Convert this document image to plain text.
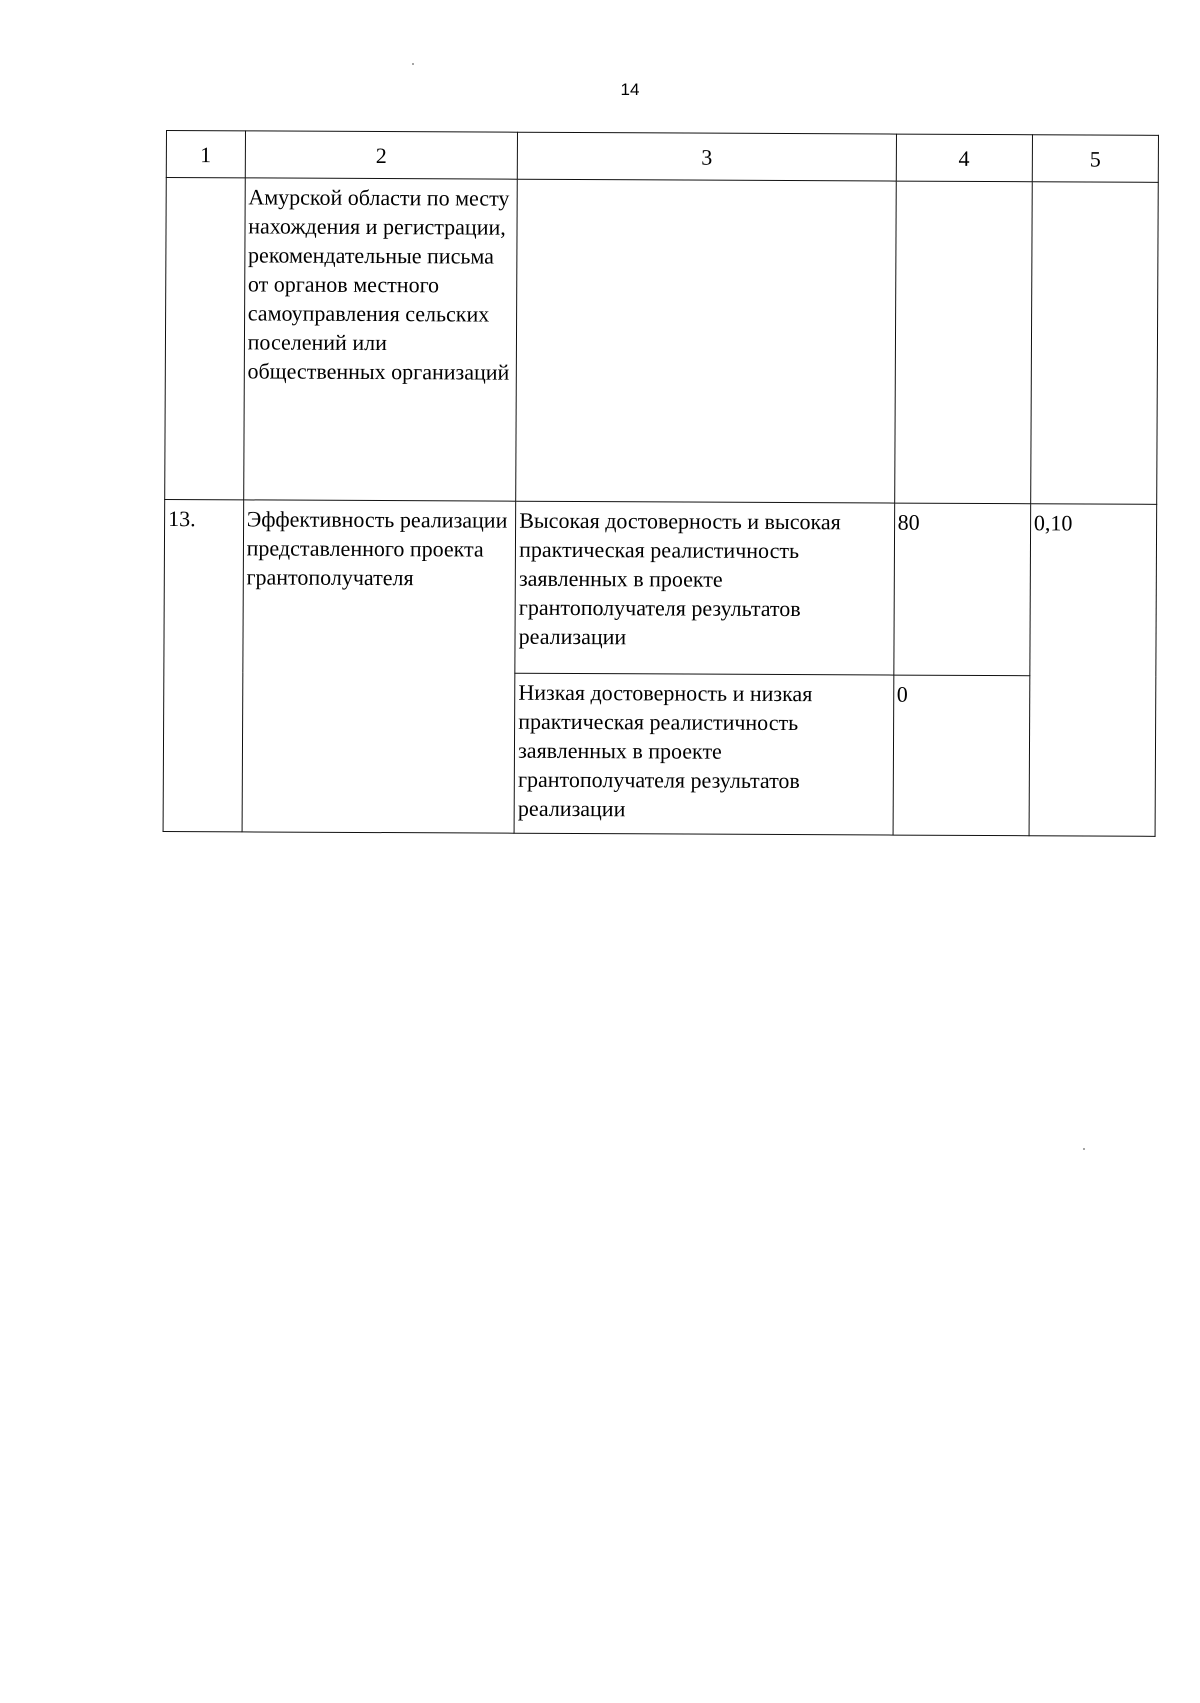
14
1	2	3	4	5

	Амурской области по месту нахождения и регистрации, рекомендательные письма от органов местного самоуправления сельских поселений или общественных организаций			

13.	Эффективность реализации представленного проекта грантополучателя	Высокая достоверность и высокая практическая реалистичность заявленных в проекте грантополучателя результатов реализации	80	0,10

		Низкая достоверность и низкая практическая реалистичность заявленных в проекте грантополучателя результатов реализации	0	
